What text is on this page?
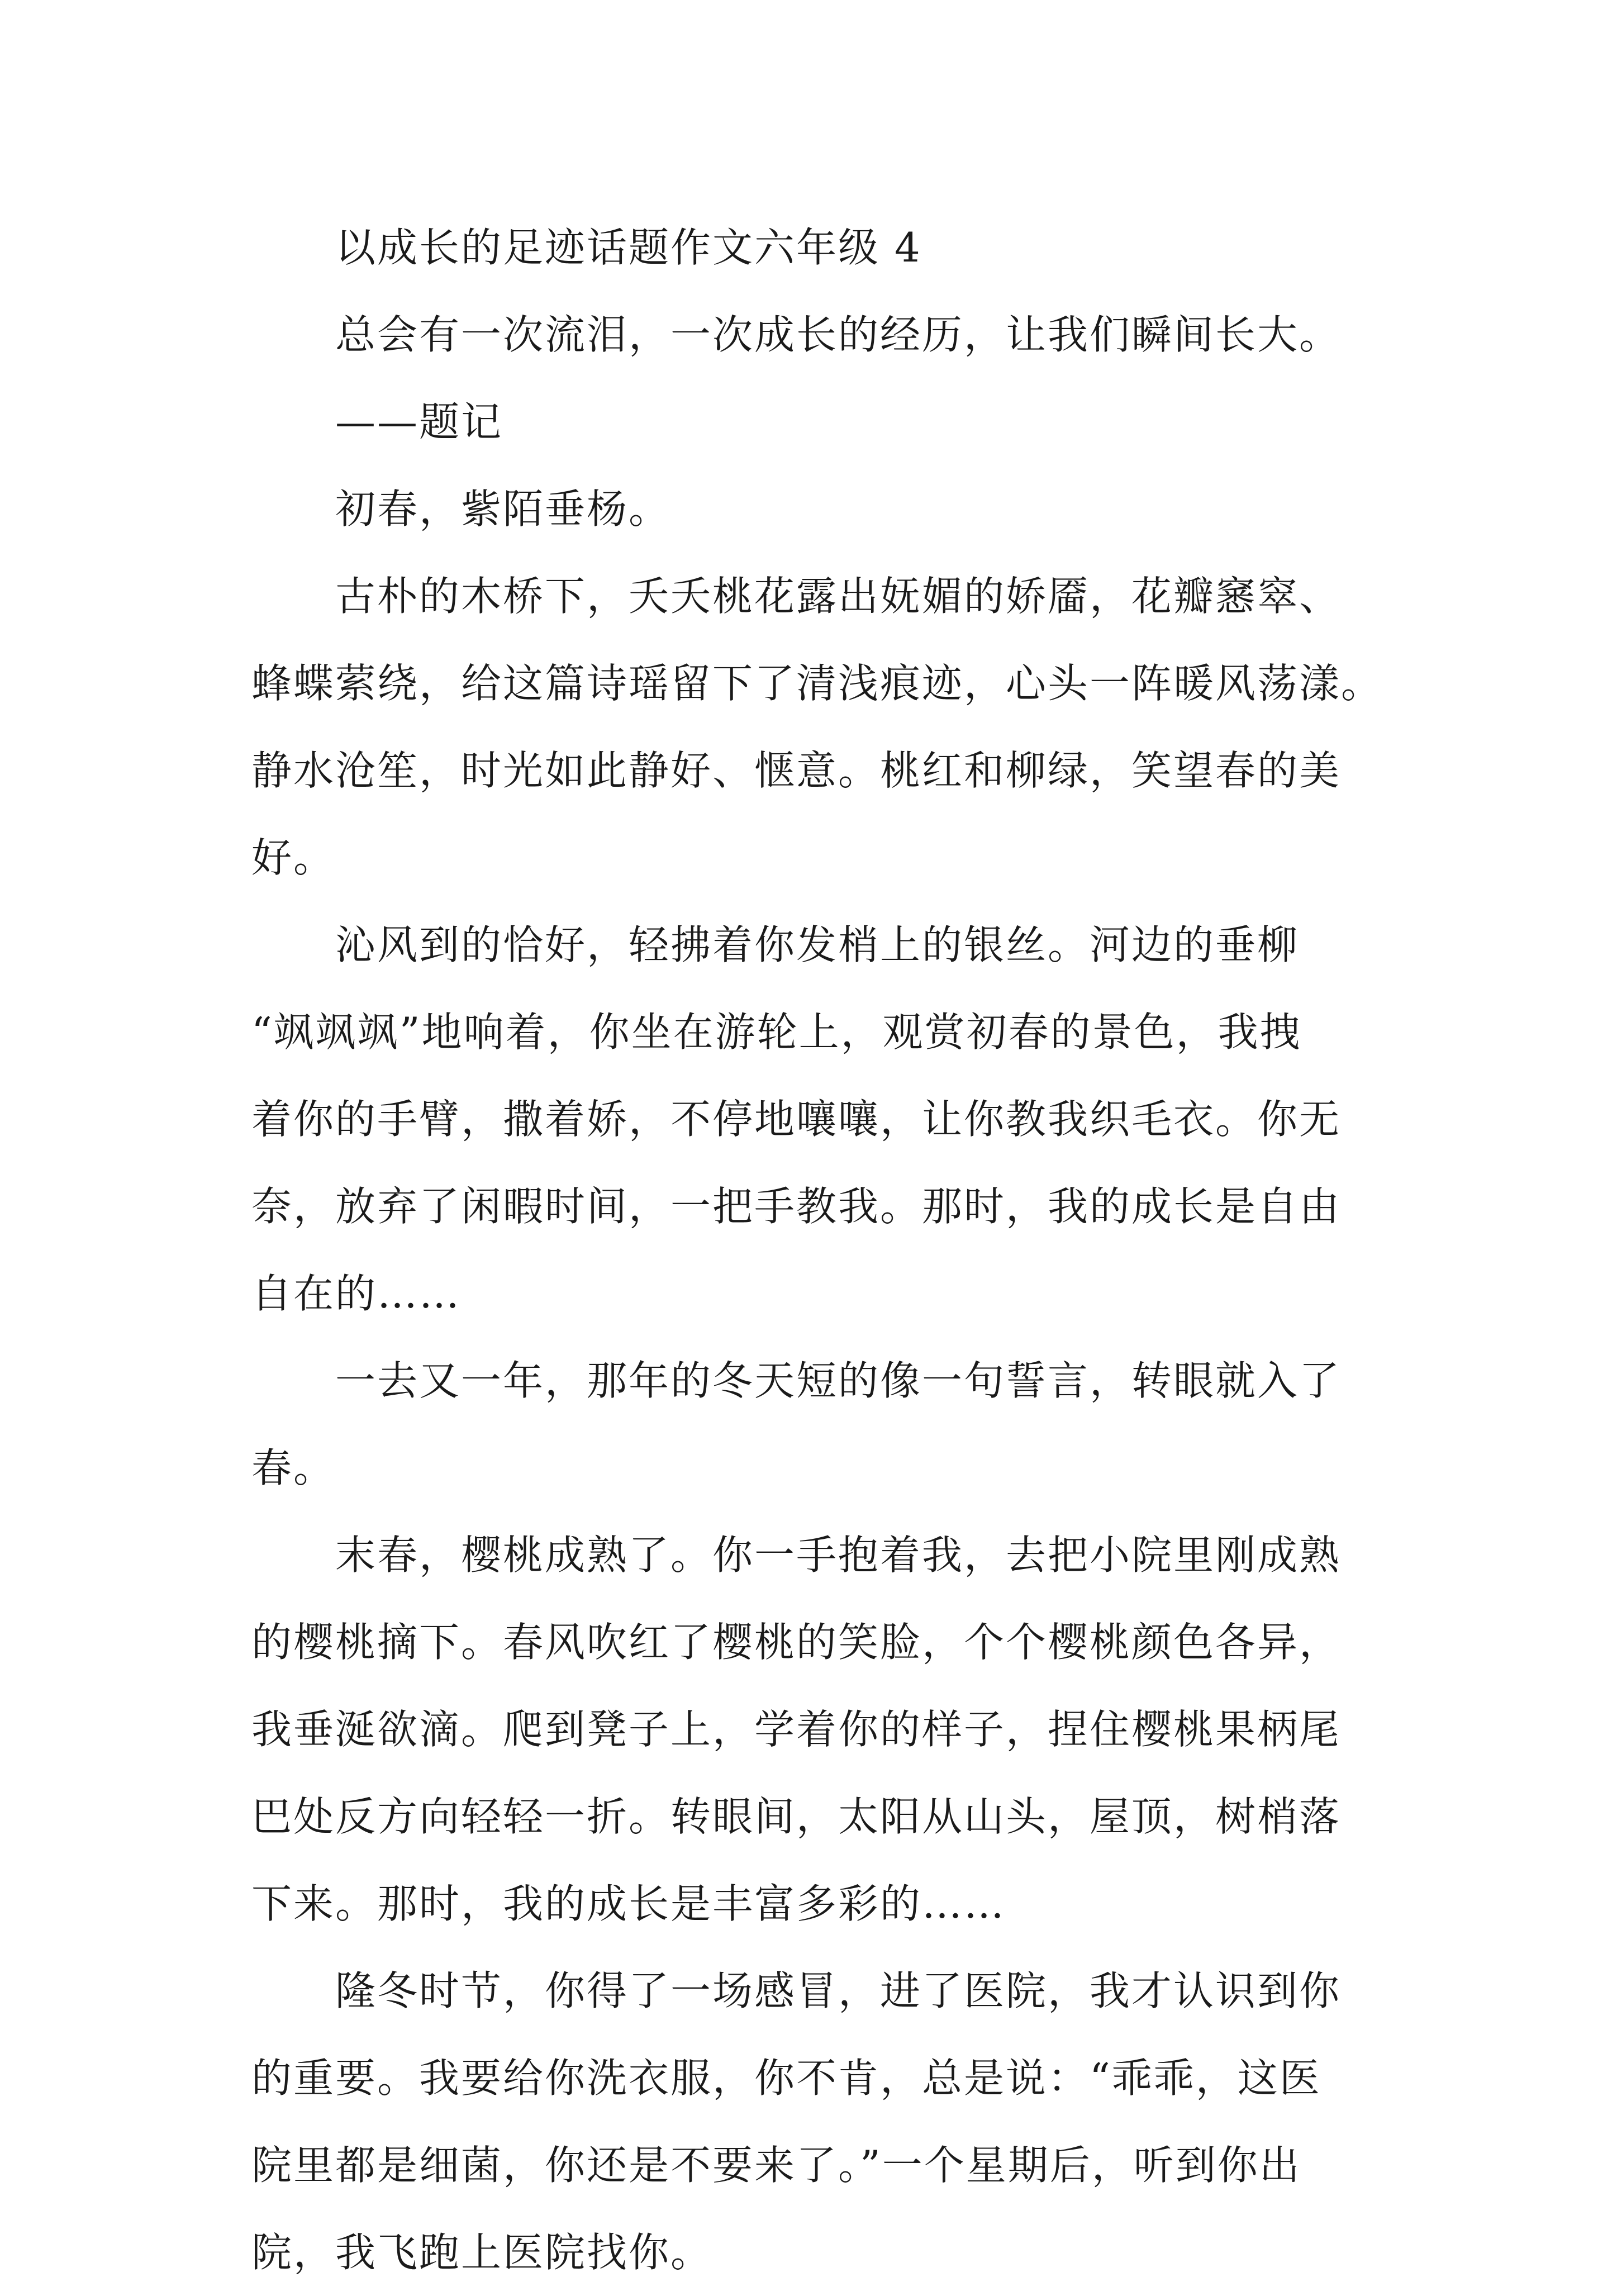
以成长的足迹话题作文六年级 4
总会有一次流泪，一次成长的经历，让我们瞬间长大。
——题记
初春，紫陌垂杨。
古朴的木桥下，夭夭桃花露出妩媚的娇靥，花瓣窸窣、
蜂蝶萦绕，给这篇诗瑶留下了清浅痕迹，心头一阵暖风荡漾。
静水沧笙，时光如此静好、惬意。桃红和柳绿，笑望春的美
好。
沁风到的恰好，轻拂着你发梢上的银丝。河边的垂柳
“飒飒飒”地响着，你坐在游轮上，观赏初春的景色，我拽
着你的手臂，撒着娇，不停地嚷嚷，让你教我织毛衣。你无
奈，放弃了闲暇时间，一把手教我。那时，我的成长是自由
自在的……
一去又一年，那年的冬天短的像一句誓言，转眼就入了
春。
末春，樱桃成熟了。你一手抱着我，去把小院里刚成熟
的樱桃摘下。春风吹红了樱桃的笑脸，个个樱桃颜色各异，
我垂涎欲滴。爬到凳子上，学着你的样子，捏住樱桃果柄尾
巴处反方向轻轻一折。转眼间，太阳从山头，屋顶，树梢落
下来。那时，我的成长是丰富多彩的……
隆冬时节，你得了一场感冒，进了医院，我才认识到你
的重要。我要给你洗衣服，你不肯，总是说：“乖乖，这医
院里都是细菌，你还是不要来了。”一个星期后，听到你出
院，我飞跑上医院找你。
